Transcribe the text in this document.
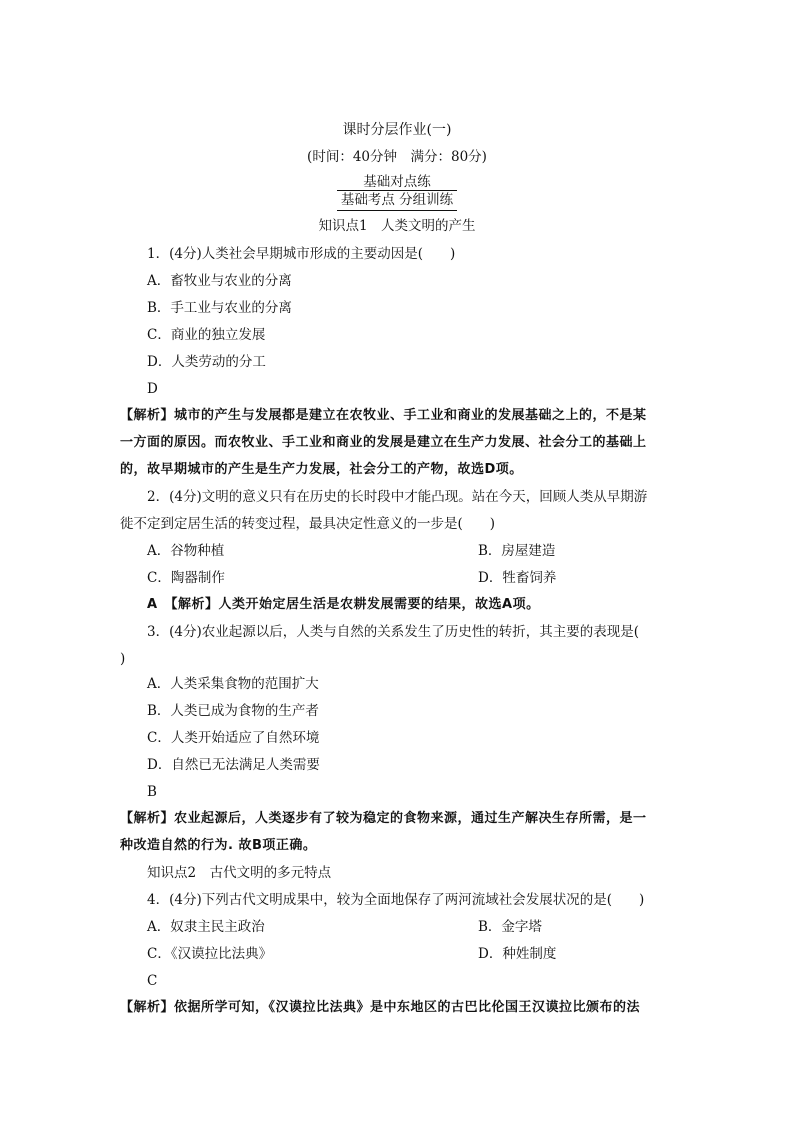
课时分层作业(一)
(时间：40分钟　满分：80分)
基础对点练
基础考点 分组训练
知识点1　人类文明的产生
1．(4分)人类社会早期城市形成的主要动因是(　　)
A．畜牧业与农业的分离
B．手工业与农业的分离
C．商业的独立发展
D．人类劳动的分工
D
【解析】城市的产生与发展都是建立在农牧业、手工业和商业的发展基础之上的，不是某
一方面的原因。而农牧业、手工业和商业的发展是建立在生产力发展、社会分工的基础上
的，故早期城市的产生是生产力发展，社会分工的产物，故选D项。
2．(4分)文明的意义只有在历史的长时段中才能凸现。站在今天，回顾人类从早期游
徙不定到定居生活的转变过程，最具决定性意义的一步是(　　)
A．谷物种植	B．房屋建造
C．陶器制作	D．牲畜饲养
A　【解析】人类开始定居生活是农耕发展需要的结果，故选A项。
3．(4分)农业起源以后，人类与自然的关系发生了历史性的转折，其主要的表现是(
)
A．人类采集食物的范围扩大
B．人类已成为食物的生产者
C．人类开始适应了自然环境
D．自然已无法满足人类需要
B
【解析】农业起源后，人类逐步有了较为稳定的食物来源，通过生产解决生存所需，是一
种改造自然的行为. 故B项正确。
知识点2　古代文明的多元特点
4．(4分)下列古代文明成果中，较为全面地保存了两河流域社会发展状况的是(　　)
A．奴隶主民主政治	B．金字塔
C．《汉谟拉比法典》	D．种姓制度
C
【解析】依据所学可知，《汉谟拉比法典》是中东地区的古巴比伦国王汉谟拉比颁布的法
